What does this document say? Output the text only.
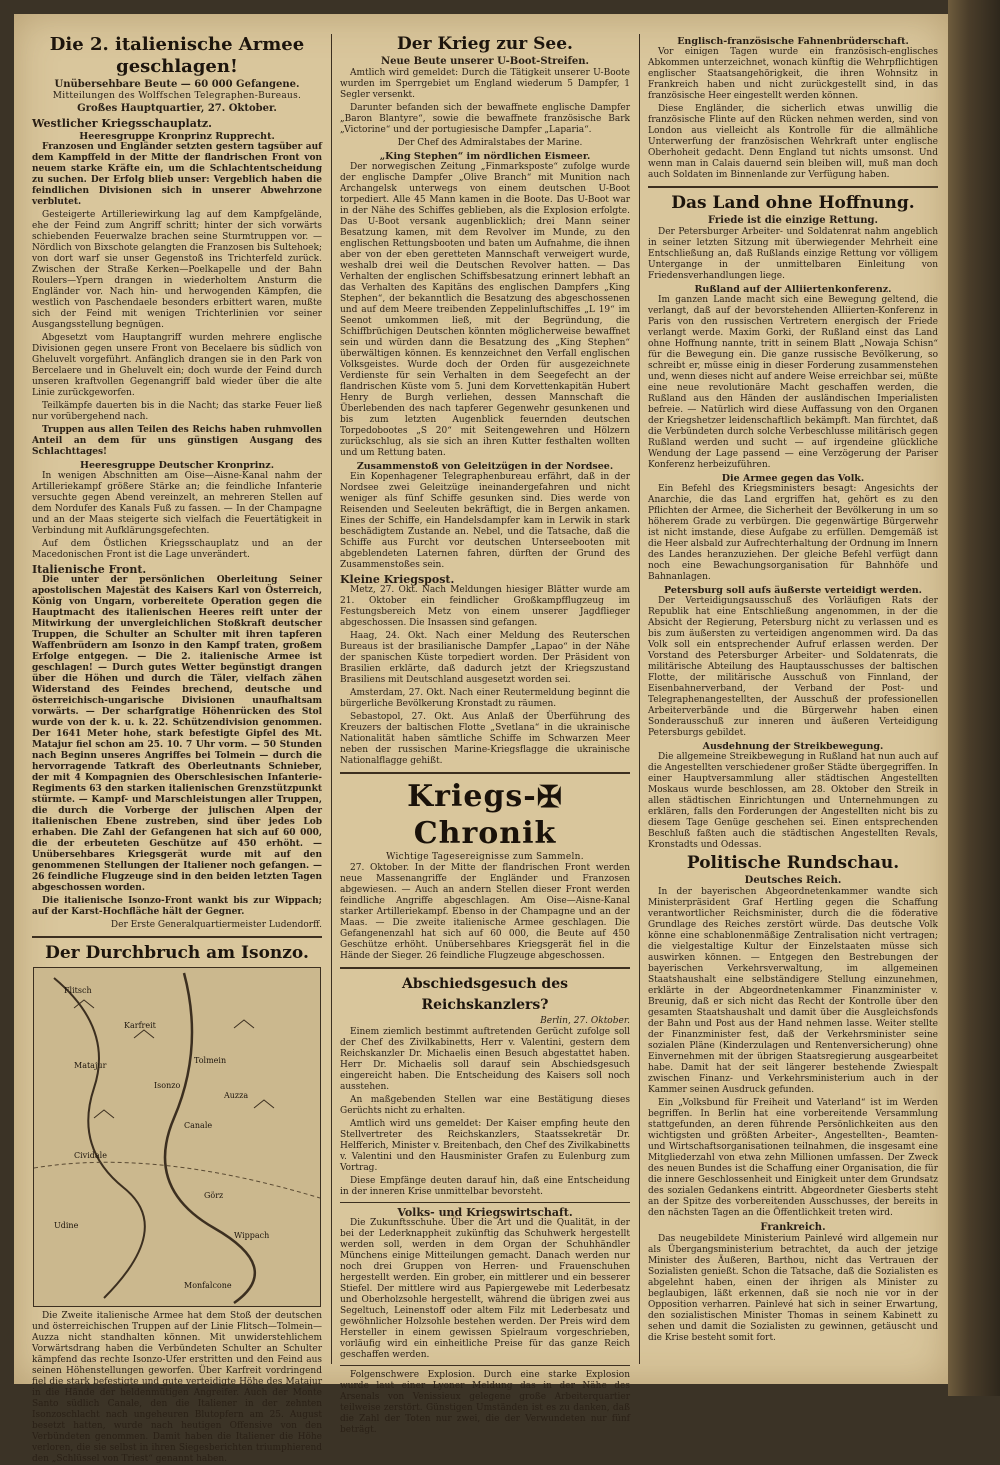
Die 2. italienische Armee geschlagen!
Unübersehbare Beute — 60 000 Gefangene.
Mitteilungen des Wolffschen Telegraphen-Bureaus.
Großes Hauptquartier, 27. Oktober.
Westlicher Kriegsschauplatz.
Heeresgruppe Kronprinz Rupprecht.

Franzosen und Engländer setzten gestern tagsüber auf dem Kampffeld in der Mitte der flandrischen Front von neuem starke Kräfte ein, um die Schlachtentscheidung zu suchen. Der Erfolg blieb unser: Vergeblich haben die feindlichen Divisionen sich in unserer Abwehrzone verblutet.

Gesteigerte Artilleriewirkung lag auf dem Kampfgelände, ehe der Feind zum Angriff schritt; hinter der sich vorwärts schiebenden Feuerwalze brachen seine Sturmtruppen vor. — Nördlich von Bixschote gelangten die Franzosen bis Sultehoek; von dort warf sie unser Gegenstoß ins Trichterfeld zurück. Zwischen der Straße Kerken—Poelkapelle und der Bahn Roulers—Ypern drangen in wiederholtem Ansturm die Engländer vor. Nach hin- und herwogenden Kämpfen, die westlich von Paschendaele besonders erbittert waren, mußte sich der Feind mit wenigen Trichterlinien vor seiner Ausgangsstellung begnügen.

Abgesetzt vom Hauptangriff wurden mehrere englische Divisionen gegen unsere Front von Becelaere bis südlich von Gheluvelt vorgeführt. Anfänglich drangen sie in den Park von Bercelaere und in Gheluvelt ein; doch wurde der Feind durch unseren kraftvollen Gegenangriff bald wieder über die alte Linie zurückgeworfen.

Teilkämpfe dauerten bis in die Nacht; das starke Feuer ließ nur vorübergehend nach.

Truppen aus allen Teilen des Reichs haben ruhmvollen Anteil an dem für uns günstigen Ausgang des Schlachttages!

Heeresgruppe Deutscher Kronprinz.

In wenigen Abschnitten am Oise—Aisne-Kanal nahm der Artilleriekampf größere Stärke an; die feindliche Infanterie versuchte gegen Abend vereinzelt, an mehreren Stellen auf dem Nordufer des Kanals Fuß zu fassen. — In der Champagne und an der Maas steigerte sich vielfach die Feuertätigkeit in Verbindung mit Aufklärungsgefechten.

Auf dem Östlichen Kriegsschauplatz und an der Macedonischen Front ist die Lage unverändert.

Italienische Front.

Die unter der persönlichen Oberleitung Seiner apostolischen Majestät des Kaisers Karl von Österreich, König von Ungarn, vorbereitete Operation gegen die Hauptmacht des italienischen Heeres reift unter der Mitwirkung der unvergleichlichen Stoßkraft deutscher Truppen, die Schulter an Schulter mit ihren tapferen Waffenbrüdern am Isonzo in den Kampf traten, großem Erfolge entgegen. — Die 2. italienische Armee ist geschlagen! — Durch gutes Wetter begünstigt drangen über die Höhen und durch die Täler, vielfach zähen Widerstand des Feindes brechend, deutsche und österreichisch-ungarische Divisionen unaufhaltsam vorwärts. — Der scharfgratige Höhenrücken des Stol wurde von der k. u. k. 22. Schützendivision genommen. Der 1641 Meter hohe, stark befestigte Gipfel des Mt. Matajur fiel schon am 25. 10. 7 Uhr vorm. — 50 Stunden nach Beginn unseres Angriffes bei Tolmein — durch die hervorragende Tatkraft des Oberleutnants Schnieber, der mit 4 Kompagnien des Oberschlesischen Infanterie-Regiments 63 den starken italienischen Grenzstützpunkt stürmte. — Kampf- und Marschleistungen aller Truppen, die durch die Vorberge der julischen Alpen der italienischen Ebene zustreben, sind über jedes Lob erhaben. Die Zahl der Gefangenen hat sich auf 60 000, die der erbeuteten Geschütze auf 450 erhöht. — Unübersehbares Kriegsgerät wurde mit auf den genommenen Stellungen der Italiener noch gefangen. — 26 feindliche Flugzeuge sind in den beiden letzten Tagen abgeschossen worden.

Die italienische Isonzo-Front wankt bis zur Wippach; auf der Karst-Hochfläche hält der Gegner.

Der Erste Generalquartiermeister Ludendorff.

Der Durchbruch am Isonzo.
Flitsch
Karfreit
Matajur
Tolmein
Canale
Auzza
Görz
Cividale
Udine
Isonzo
Wippach
Monfalcone

Die Zweite italienische Armee hat dem Stoß der deutschen und österreichischen Truppen auf der Linie Flitsch—Tolmein—Auzza nicht standhalten können. Mit unwiderstehlichem Vorwärtsdrang haben die Verbündeten Schulter an Schulter kämpfend das rechte Isonzo-Ufer erstritten und den Feind aus seinen Höhenstellungen geworfen. Über Karfreit vordringend fiel die stark befestigte und gute verteidigte Höhe des Matajur in die Hände der heldenmütigen Angreifer. Auch der Monte Santo südlich Canale, den die Italiener in der zehnten Isonzoschlacht nach ungeheuren Blutopfern am 25. August besetzt hatten, wurde nach heutigen Offensive von den Verbündeten genommen. Damit haben die Italiener die Höhe verloren, die sie selbst in ihren Siegesberichten triumphierend den „Schlüssel von Triest“ genannt haben.

Der Krieg zur See.
Neue Beute unserer U-Boot-Streifen.

Amtlich wird gemeldet: Durch die Tätigkeit unserer U-Boote wurden im Sperrgebiet um England wiederum 5 Dampfer, 1 Segler versenkt.

Darunter befanden sich der bewaffnete englische Dampfer „Baron Blantyre“, sowie die bewaffnete französische Bark „Victorine“ und der portugiesische Dampfer „Laparia“.

Der Chef des Admiralstabes der Marine.

„King Stephen“ im nördlichen Eismeer.

Der norwegischen Zeitung „Finmarksposte“ zufolge wurde der englische Dampfer „Olive Branch“ mit Munition nach Archangelsk unterwegs von einem deutschen U-Boot torpediert. Alle 45 Mann kamen in die Boote. Das U-Boot war in der Nähe des Schiffes geblieben, als die Explosion erfolgte. Das U-Boot versank augenblicklich; drei Mann seiner Besatzung kamen, mit dem Revolver im Munde, zu den englischen Rettungsbooten und baten um Aufnahme, die ihnen aber von der eben geretteten Mannschaft verweigert wurde, weshalb drei weil die Deutschen Revolver hatten. — Das Verhalten der englischen Schiffsbesatzung erinnert lebhaft an das Verhalten des Kapitäns des englischen Dampfers „King Stephen“, der bekanntlich die Besatzung des abgeschossenen und auf dem Meere treibenden Zeppelinluftschiffes „L 19“ im Seenot umkommen ließ, mit der Begründung, die Schiffbrüchigen Deutschen könnten möglicherweise bewaffnet sein und würden dann die Besatzung des „King Stephen“ überwältigen können. Es kennzeichnet den Verfall englischen Volksgeistes. Wurde doch der Orden für ausgezeichnete Verdienste für sein Verhalten in dem Seegefecht an der flandrischen Küste vom 5. Juni dem Korvettenkapitän Hubert Henry de Burgh verliehen, dessen Mannschaft die Überlebenden des nach tapferer Gegenwehr gesunkenen und bis zum letzten Augenblick feuernden deutschen Torpedobootes „S 20“ mit Seitengewehren und Hölzern zurückschlug, als sie sich an ihren Kutter festhalten wollten und um Rettung baten.

Zusammenstoß von Geleitzügen in der Nordsee.

Ein Kopenhagener Telegraphenbureau erfährt, daß in der Nordsee zwei Geleitzüge ineinandergefahren und nicht weniger als fünf Schiffe gesunken sind. Dies werde von Reisenden und Seeleuten bekräftigt, die in Bergen ankamen. Eines der Schiffe, ein Handelsdampfer kam in Lerwik in stark beschädigtem Zustande an. Nebel, und die Tatsache, daß die Schiffe aus Furcht vor deutschen Unterseebooten mit abgeblendeten Laternen fahren, dürften der Grund des Zusammenstoßes sein.

Kleine Kriegspost.

Metz, 27. Okt. Nach Meldungen hiesiger Blätter wurde am 21. Oktober ein feindlicher Großkampfflugzeug im Festungsbereich Metz von einem unserer Jagdflieger abgeschossen. Die Insassen sind gefangen.

Haag, 24. Okt. Nach einer Meldung des Reuterschen Bureaus ist der brasilianische Dampfer „Lapao“ in der Nähe der spanischen Küste torpediert worden. Der Präsident von Brasilien erklärte, daß dadurch jetzt der Kriegszustand Brasiliens mit Deutschland ausgesetzt worden sei.

Amsterdam, 27. Okt. Nach einer Reutermeldung beginnt die bürgerliche Bevölkerung Kronstadt zu räumen.

Sebastopol, 27. Okt. Aus Anlaß der Überführung des Kreuzers der baltischen Flotte „Svetlana“ in die ukrainische Nationalität haben sämtliche Schiffe im Schwarzen Meer neben der russischen Marine-Kriegsflagge die ukrainische Nationalflagge gehißt.

Kriegs-✠Chronik
Wichtige Tagesereignisse zum Sammeln.

27. Oktober. In der Mitte der flandrischen Front werden neue Massenangriffe der Engländer und Franzosen abgewiesen. — Auch an andern Stellen dieser Front werden feindliche Angriffe abgeschlagen. Am Oise—Aisne-Kanal starker Artilleriekampf. Ebenso in der Champagne und an der Maas. — Die zweite italienische Armee geschlagen. Die Gefangenenzahl hat sich auf 60 000, die Beute auf 450 Geschütze erhöht. Unübersehbares Kriegsgerät fiel in die Hände der Sieger. 26 feindliche Flugzeuge abgeschossen.

Abschiedsgesuch des Reichskanzlers?
Berlin, 27. Oktober.

Einem ziemlich bestimmt auftretenden Gerücht zufolge soll der Chef des Zivilkabinetts, Herr v. Valentini, gestern dem Reichskanzler Dr. Michaelis einen Besuch abgestattet haben. Herr Dr. Michaelis soll darauf sein Abschiedsgesuch eingereicht haben. Die Entscheidung des Kaisers soll noch ausstehen.

An maßgebenden Stellen war eine Bestätigung dieses Gerüchts nicht zu erhalten.

Amtlich wird uns gemeldet: Der Kaiser empfing heute den Stellvertreter des Reichskanzlers, Staatssekretär Dr. Helfferich, Minister v. Breitenbach, den Chef des Zivilkabinetts v. Valentini und den Hausminister Grafen zu Eulenburg zum Vortrag.

Diese Empfänge deuten darauf hin, daß eine Entscheidung in der inneren Krise unmittelbar bevorsteht.

Volks- und Kriegswirtschaft.

Die Zukunftsschuhe. Über die Art und die Qualität, in der bei der Lederknappheit zukünftig das Schuhwerk hergestellt werden soll, werden in dem Organ der Schuhhändler Münchens einige Mitteilungen gemacht. Danach werden nur noch drei Gruppen von Herren- und Frauenschuhen hergestellt werden. Ein grober, ein mittlerer und ein besserer Stiefel. Der mittlere wird aus Papiergewebe mit Lederbesatz und Oberholzsohle hergestellt, während die übrigen zwei aus Segeltuch, Leinenstoff oder altem Filz mit Lederbesatz und gewöhnlicher Holzsohle bestehen werden. Der Preis wird dem Hersteller in einem gewissen Spielraum vorgeschrieben, vorläufig wird ein einheitliche Preise für das ganze Reich geschaffen werden.

Folgenschwere Explosion. Durch eine starke Explosion wurde laut einer Lyoner Meldung das in der Nähe des Arsenals von Venissieux gelegene große Arbeiterquartier teilweise zerstört. Günstigen Umständen ist es zu danken, daß die Zahl der Toten nur zwei, die der Verwundeten nur fünf beträgt.

Englisch-französische Fahnenbrüderschaft.

Vor einigen Tagen wurde ein französisch-englisches Abkommen unterzeichnet, wonach künftig die Wehrpflichtigen englischer Staatsangehörigkeit, die ihren Wohnsitz in Frankreich haben und nicht zurückgestellt sind, in das französische Heer eingestellt werden können.

Diese Engländer, die sicherlich etwas unwillig die französische Flinte auf den Rücken nehmen werden, sind von London aus vielleicht als Kontrolle für die allmähliche Unterwerfung der französischen Wehrkraft unter englische Oberhoheit gedacht. Denn England tut nichts umsonst. Und wenn man in Calais dauernd sein bleiben will, muß man doch auch Soldaten im Binnenlande zur Verfügung haben.

Das Land ohne Hoffnung.
Friede ist die einzige Rettung.

Der Petersburger Arbeiter- und Soldatenrat nahm angeblich in seiner letzten Sitzung mit überwiegender Mehrheit eine Entschließung an, daß Rußlands einzige Rettung vor völligem Untergange in der unmittelbaren Einleitung von Friedensverhandlungen liege.

Rußland auf der Alliiertenkonferenz.

Im ganzen Lande macht sich eine Bewegung geltend, die verlangt, daß auf der bevorstehenden Alliierten-Konferenz in Paris von den russischen Vertretern energisch der Friede verlangt werde. Maxim Gorki, der Rußland einst das Land ohne Hoffnung nannte, tritt in seinem Blatt „Nowaja Schisn“ für die Bewegung ein. Die ganze russische Bevölkerung, so schreibt er, müsse einig in dieser Forderung zusammenstehen und, wenn dieses nicht auf andere Weise erreichbar sei, müßte eine neue revolutionäre Macht geschaffen werden, die Rußland aus den Händen der ausländischen Imperialisten befreie. — Natürlich wird diese Auffassung von den Organen der Kriegshetzer leidenschaftlich bekämpft. Man fürchtet, daß die Verbündeten durch solche Verbeschlusse militärisch gegen Rußland werden und sucht — auf irgendeine glückliche Wendung der Lage passend — eine Verzögerung der Pariser Konferenz herbeizuführen.

Die Armee gegen das Volk.

Ein Befehl des Kriegsministers besagt: Angesichts der Anarchie, die das Land ergriffen hat, gehört es zu den Pflichten der Armee, die Sicherheit der Bevölkerung in um so höherem Grade zu verbürgen. Die gegenwärtige Bürgerwehr ist nicht imstande, diese Aufgabe zu erfüllen. Demgemäß ist die Heer alsbald zur Aufrechterhaltung der Ordnung im Innern des Landes heranzuziehen. Der gleiche Befehl verfügt dann noch eine Bewachungsorganisation für Bahnhöfe und Bahnanlagen.

Petersburg soll aufs äußerste verteidigt werden.

Der Verteidigungsausschuß des Vorläufigen Rats der Republik hat eine Entschließung angenommen, in der die Absicht der Regierung, Petersburg nicht zu verlassen und es bis zum äußersten zu verteidigen angenommen wird. Da das Volk soll ein entsprechender Aufruf erlassen werden. Der Vorstand des Petersburger Arbeiter- und Soldatenrats, die militärische Abteilung des Hauptausschusses der baltischen Flotte, der militärische Ausschuß von Finnland, der Eisenbahnerverband, der Verband der Post- und Telegraphenangestellten, der Ausschuß der professionellen Arbeiterverbände und die Bürgerwehr haben einen Sonderausschuß zur inneren und äußeren Verteidigung Petersburgs gebildet.

Ausdehnung der Streikbewegung.

Die allgemeine Streikbewegung in Rußland hat nun auch auf die Angestellten verschiedener großer Städte übergegriffen. In einer Hauptversammlung aller städtischen Angestellten Moskaus wurde beschlossen, am 28. Oktober den Streik in allen städtischen Einrichtungen und Unternehmungen zu erklären, falls den Forderungen der Angestellten nicht bis zu diesem Tage Genüge geschehen sei. Einen entsprechenden Beschluß faßten auch die städtischen Angestellten Revals, Kronstadts und Odessas.

Politische Rundschau.
Deutsches Reich.

In der bayerischen Abgeordnetenkammer wandte sich Ministerpräsident Graf Hertling gegen die Schaffung verantwortlicher Reichsminister, durch die die föderative Grundlage des Reiches zerstört würde. Das deutsche Volk könne eine schablonenmäßige Zentralisation nicht vertragen; die vielgestaltige Kultur der Einzelstaaten müsse sich auswirken können. — Entgegen den Bestrebungen der bayerischen Verkehrsverwaltung, im allgemeinen Staatshaushalt eine selbständigere Stellung einzunehmen, erklärte in der Abgeordnetenkammer Finanzminister v. Breunig, daß er sich nicht das Recht der Kontrolle über den gesamten Staatshaushalt und damit über die Ausgleichsfonds der Bahn und Post aus der Hand nehmen lasse. Weiter stellte der Finanzminister fest, daß der Verkehrsminister seine sozialen Pläne (Kinderzulagen und Rentenversicherung) ohne Einvernehmen mit der übrigen Staatsregierung ausgearbeitet habe. Damit hat der seit längerer bestehende Zwiespalt zwischen Finanz- und Verkehrsministerium auch in der Kammer seinen Ausdruck gefunden.

Ein „Volksbund für Freiheit und Vaterland“ ist im Werden begriffen. In Berlin hat eine vorbereitende Versammlung stattgefunden, an deren führende Persönlichkeiten aus den wichtigsten und größten Arbeiter-, Angestellten-, Beamten- und Wirtschaftsorganisationen teilnahmen, die insgesamt eine Mitgliederzahl von etwa zehn Millionen umfassen. Der Zweck des neuen Bundes ist die Schaffung einer Organisation, die für die innere Geschlossenheit und Einigkeit unter dem Grundsatz des sozialen Gedankens eintritt. Abgeordneter Giesberts steht an der Spitze des vorbereitenden Ausschusses, der bereits in den nächsten Tagen an die Öffentlichkeit treten wird.

Frankreich.

Das neugebildete Ministerium Painlevé wird allgemein nur als Übergangsministerium betrachtet, da auch der jetzige Minister des Äußeren, Barthou, nicht das Vertrauen der Sozialisten genießt. Schon die Tatsache, daß die Sozialisten es abgelehnt haben, einen der ihrigen als Minister zu beglaubigen, läßt erkennen, daß sie noch nie vor in der Opposition verharren. Painlevé hat sich in seiner Erwartung, den sozialistischen Minister Thomas in seinem Kabinett zu sehen und damit die Sozialisten zu gewinnen, getäuscht und die Krise besteht somit fort.
